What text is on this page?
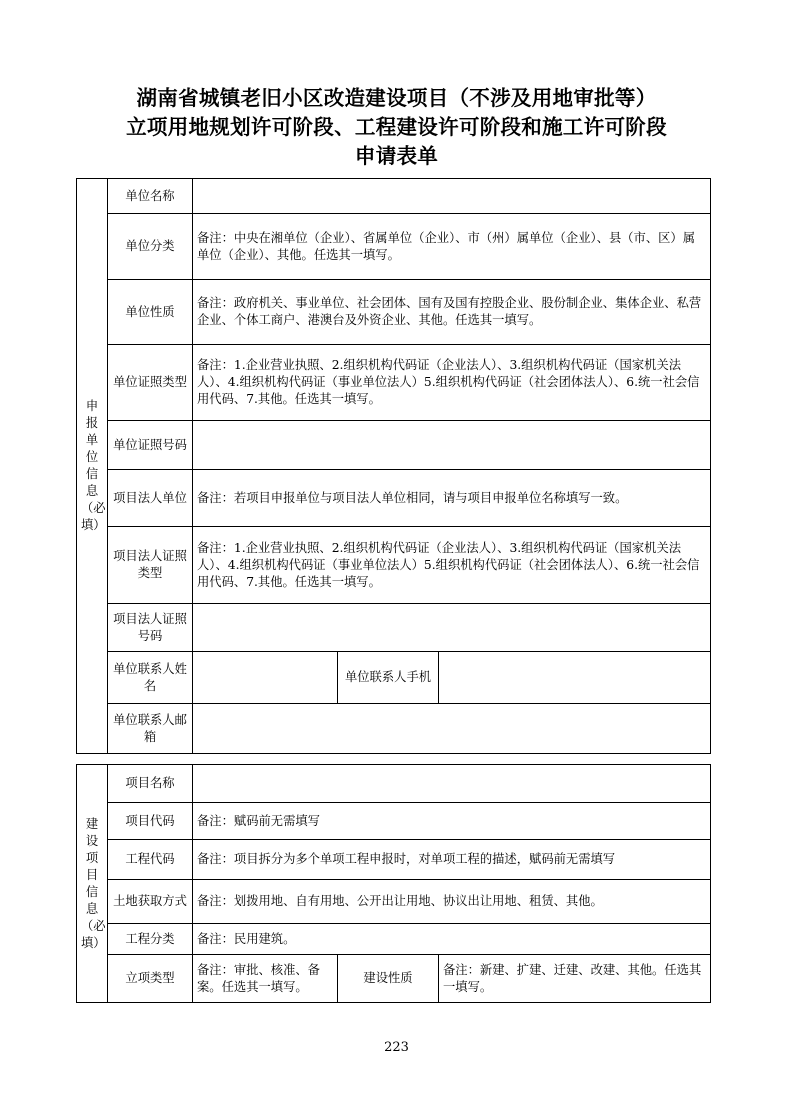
湖南省城镇老旧小区改造建设项目（不涉及用地审批等）
立项用地规划许可阶段、工程建设许可阶段和施工许可阶段
申请表单
申报单位信息（必填）	单位名称			
	单位分类	备注：中央在湘单位（企业）、省属单位（企业）、市（州）属单位（企业）、县（市、区）属单位（企业）、其他。任选其一填写。		
	单位性质	备注：政府机关、事业单位、社会团体、国有及国有控股企业、股份制企业、集体企业、私营企业、个体工商户、港澳台及外资企业、其他。任选其一填写。		
	单位证照类型	备注：1.企业营业执照、2.组织机构代码证（企业法人）、3.组织机构代码证（国家机关法人）、4.组织机构代码证（事业单位法人）5.组织机构代码证（社会团体法人）、6.统一社会信用代码、7.其他。任选其一填写。		
	单位证照号码			
	项目法人单位	备注：若项目申报单位与项目法人单位相同，请与项目申报单位名称填写一致。		
	项目法人证照类型	备注：1.企业营业执照、2.组织机构代码证（企业法人）、3.组织机构代码证（国家机关法人）、4.组织机构代码证（事业单位法人）5.组织机构代码证（社会团体法人）、6.统一社会信用代码、7.其他。任选其一填写。		
	项目法人证照号码			
	单位联系人姓名		单位联系人手机	
	单位联系人邮箱			
建设项目信息（必填）	项目名称			
	项目代码	备注：赋码前无需填写		
	工程代码	备注：项目拆分为多个单项工程申报时，对单项工程的描述，赋码前无需填写		
	土地获取方式	备注：划拨用地、自有用地、公开出让用地、协议出让用地、租赁、其他。		
	工程分类	备注：民用建筑。		
	立项类型	备注：审批、核准、备案。任选其一填写。	建设性质	备注：新建、扩建、迁建、改建、其他。任选其一填写。
223
